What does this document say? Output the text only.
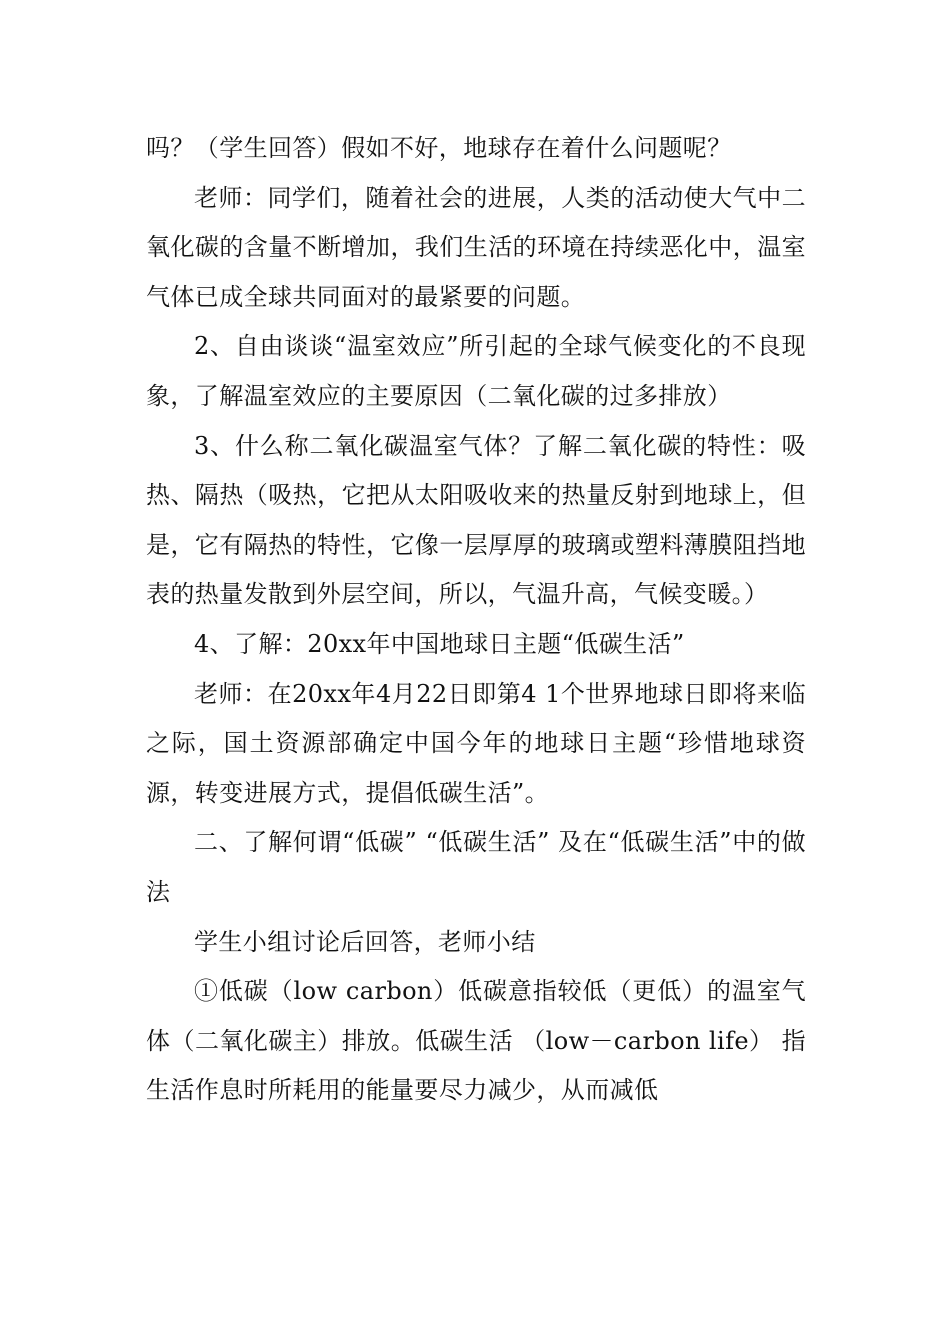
吗？（学生回答）假如不好，地球存在着什么问题呢？

老师：同学们，随着社会的进展，人类的活动使大气中二氧化碳的含量不断增加，我们生活的环境在持续恶化中，温室气体已成全球共同面对的最紧要的问题。

2、自由谈谈“温室效应”所引起的全球气候变化的不良现象，了解温室效应的主要原因（二氧化碳的过多排放）

3、什么称二氧化碳温室气体？了解二氧化碳的特性：吸热、隔热（吸热，它把从太阳吸收来的热量反射到地球上，但是，它有隔热的特性，它像一层厚厚的玻璃或塑料薄膜阻挡地表的热量发散到外层空间，所以，气温升高，气候变暖。）

4、了解：20xx年中国地球日主题“低碳生活”

老师：在20xx年4月22日即第4 1个世界地球日即将来临之际，国土资源部确定中国今年的地球日主题“珍惜地球资源，转变进展方式，提倡低碳生活”。

二、了解何谓“低碳” “低碳生活” 及在“低碳生活”中的做法

学生小组讨论后回答，老师小结

①低碳（low carbon）低碳意指较低（更低）的温室气体（二氧化碳主）排放。低碳生活 （low－carbon life） 指生活作息时所耗用的能量要尽力减少，从而减低
